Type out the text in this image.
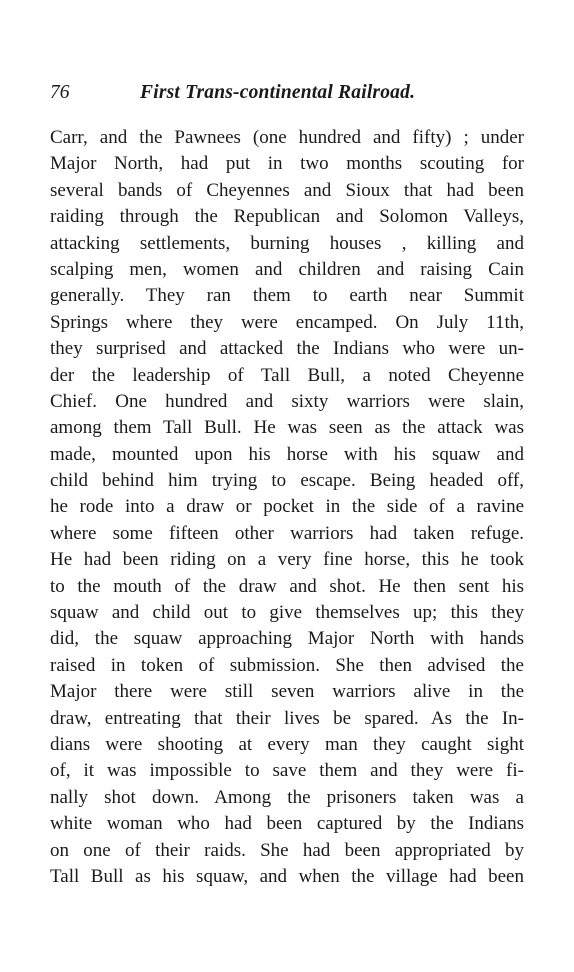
76	First Trans-continental Railroad.
Carr, and the Pawnees (one hundred and fifty) ; under
Major North, had put in two months scouting for
several bands of Cheyennes and Sioux that had been
raiding through the Republican and Solomon Valleys,
attacking settlements, burning houses , killing and
scalping men, women and children and raising Cain
generally. They ran them to earth near Summit
Springs where they were encamped. On July 11th,
they surprised and attacked the Indians who were un-
der the leadership of Tall Bull, a noted Cheyenne
Chief. One hundred and sixty warriors were slain,
among them Tall Bull. He was seen as the attack was
made, mounted upon his horse with his squaw and
child behind him trying to escape. Being headed off,
he rode into a draw or pocket in the side of a ravine
where some fifteen other warriors had taken refuge.
He had been riding on a very fine horse, this he took
to the mouth of the draw and shot. He then sent his
squaw and child out to give themselves up; this they
did, the squaw approaching Major North with hands
raised in token of submission. She then advised the
Major there were still seven warriors alive in the
draw, entreating that their lives be spared. As the In-
dians were shooting at every man they caught sight
of, it was impossible to save them and they were fi-
nally shot down. Among the prisoners taken was a
white woman who had been captured by the Indians
on one of their raids. She had been appropriated by
Tall Bull as his squaw, and when the village had been
